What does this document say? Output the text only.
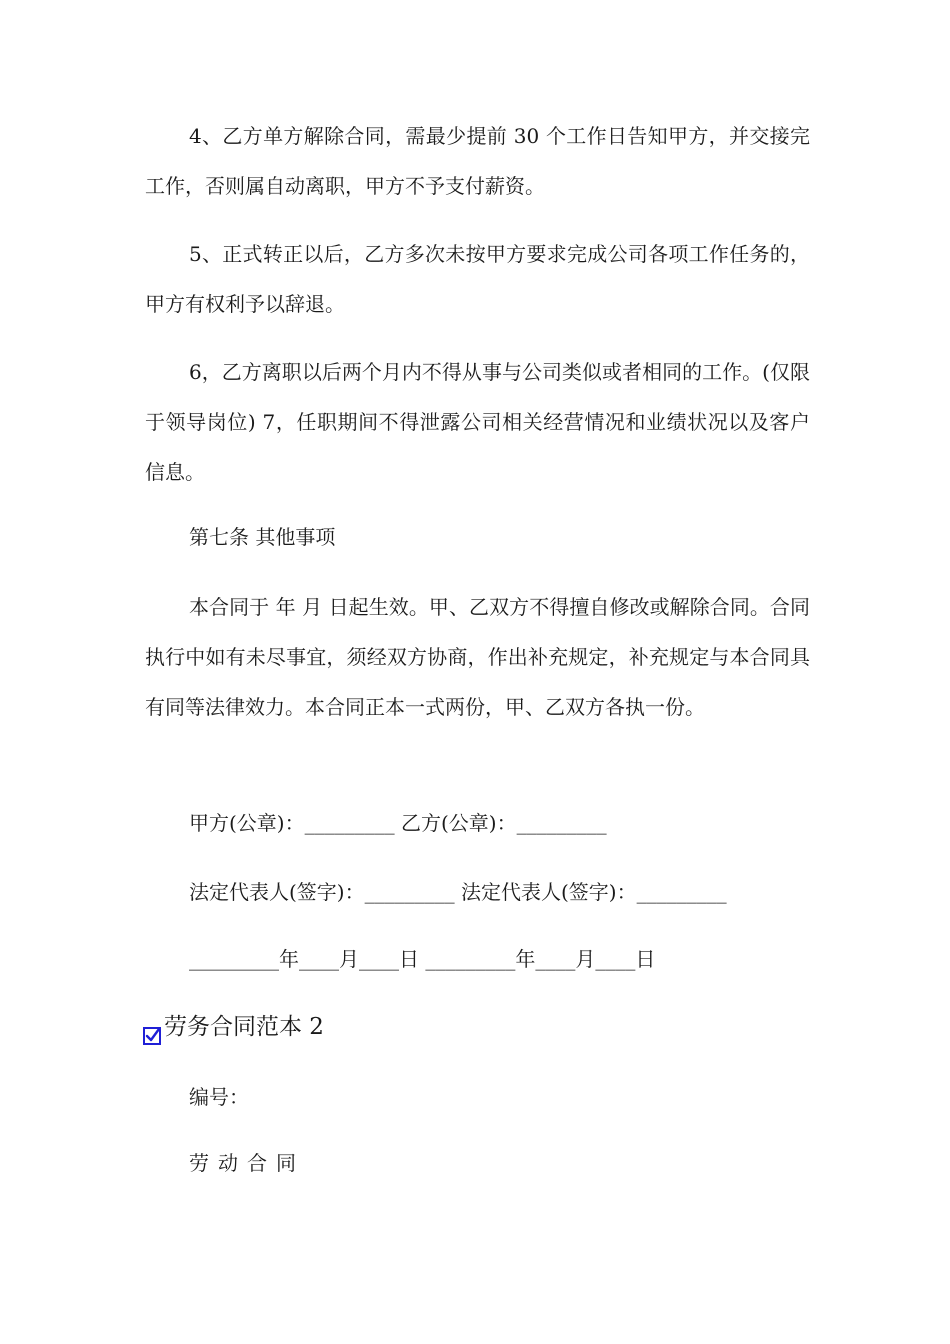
4、乙方单方解除合同，需最少提前 30 个工作日告知甲方，并交接完工作，否则属自动离职，甲方不予支付薪资。

5、正式转正以后，乙方多次未按甲方要求完成公司各项工作任务的，甲方有权利予以辞退。

6，乙方离职以后两个月内不得从事与公司类似或者相同的工作。(仅限于领导岗位) 7，任职期间不得泄露公司相关经营情况和业绩状况以及客户信息。

第七条 其他事项

本合同于 年 月 日起生效。甲、乙双方不得擅自修改或解除合同。合同执行中如有未尽事宜，须经双方协商，作出补充规定，补充规定与本合同具有同等法律效力。本合同正本一式两份，甲、乙双方各执一份。

甲方(公章)：_________ 乙方(公章)：_________

法定代表人(签字)：_________ 法定代表人(签字)：_________

_________年____月____日 _________年____月____日

劳务合同范本 2

编号：

劳动合同
